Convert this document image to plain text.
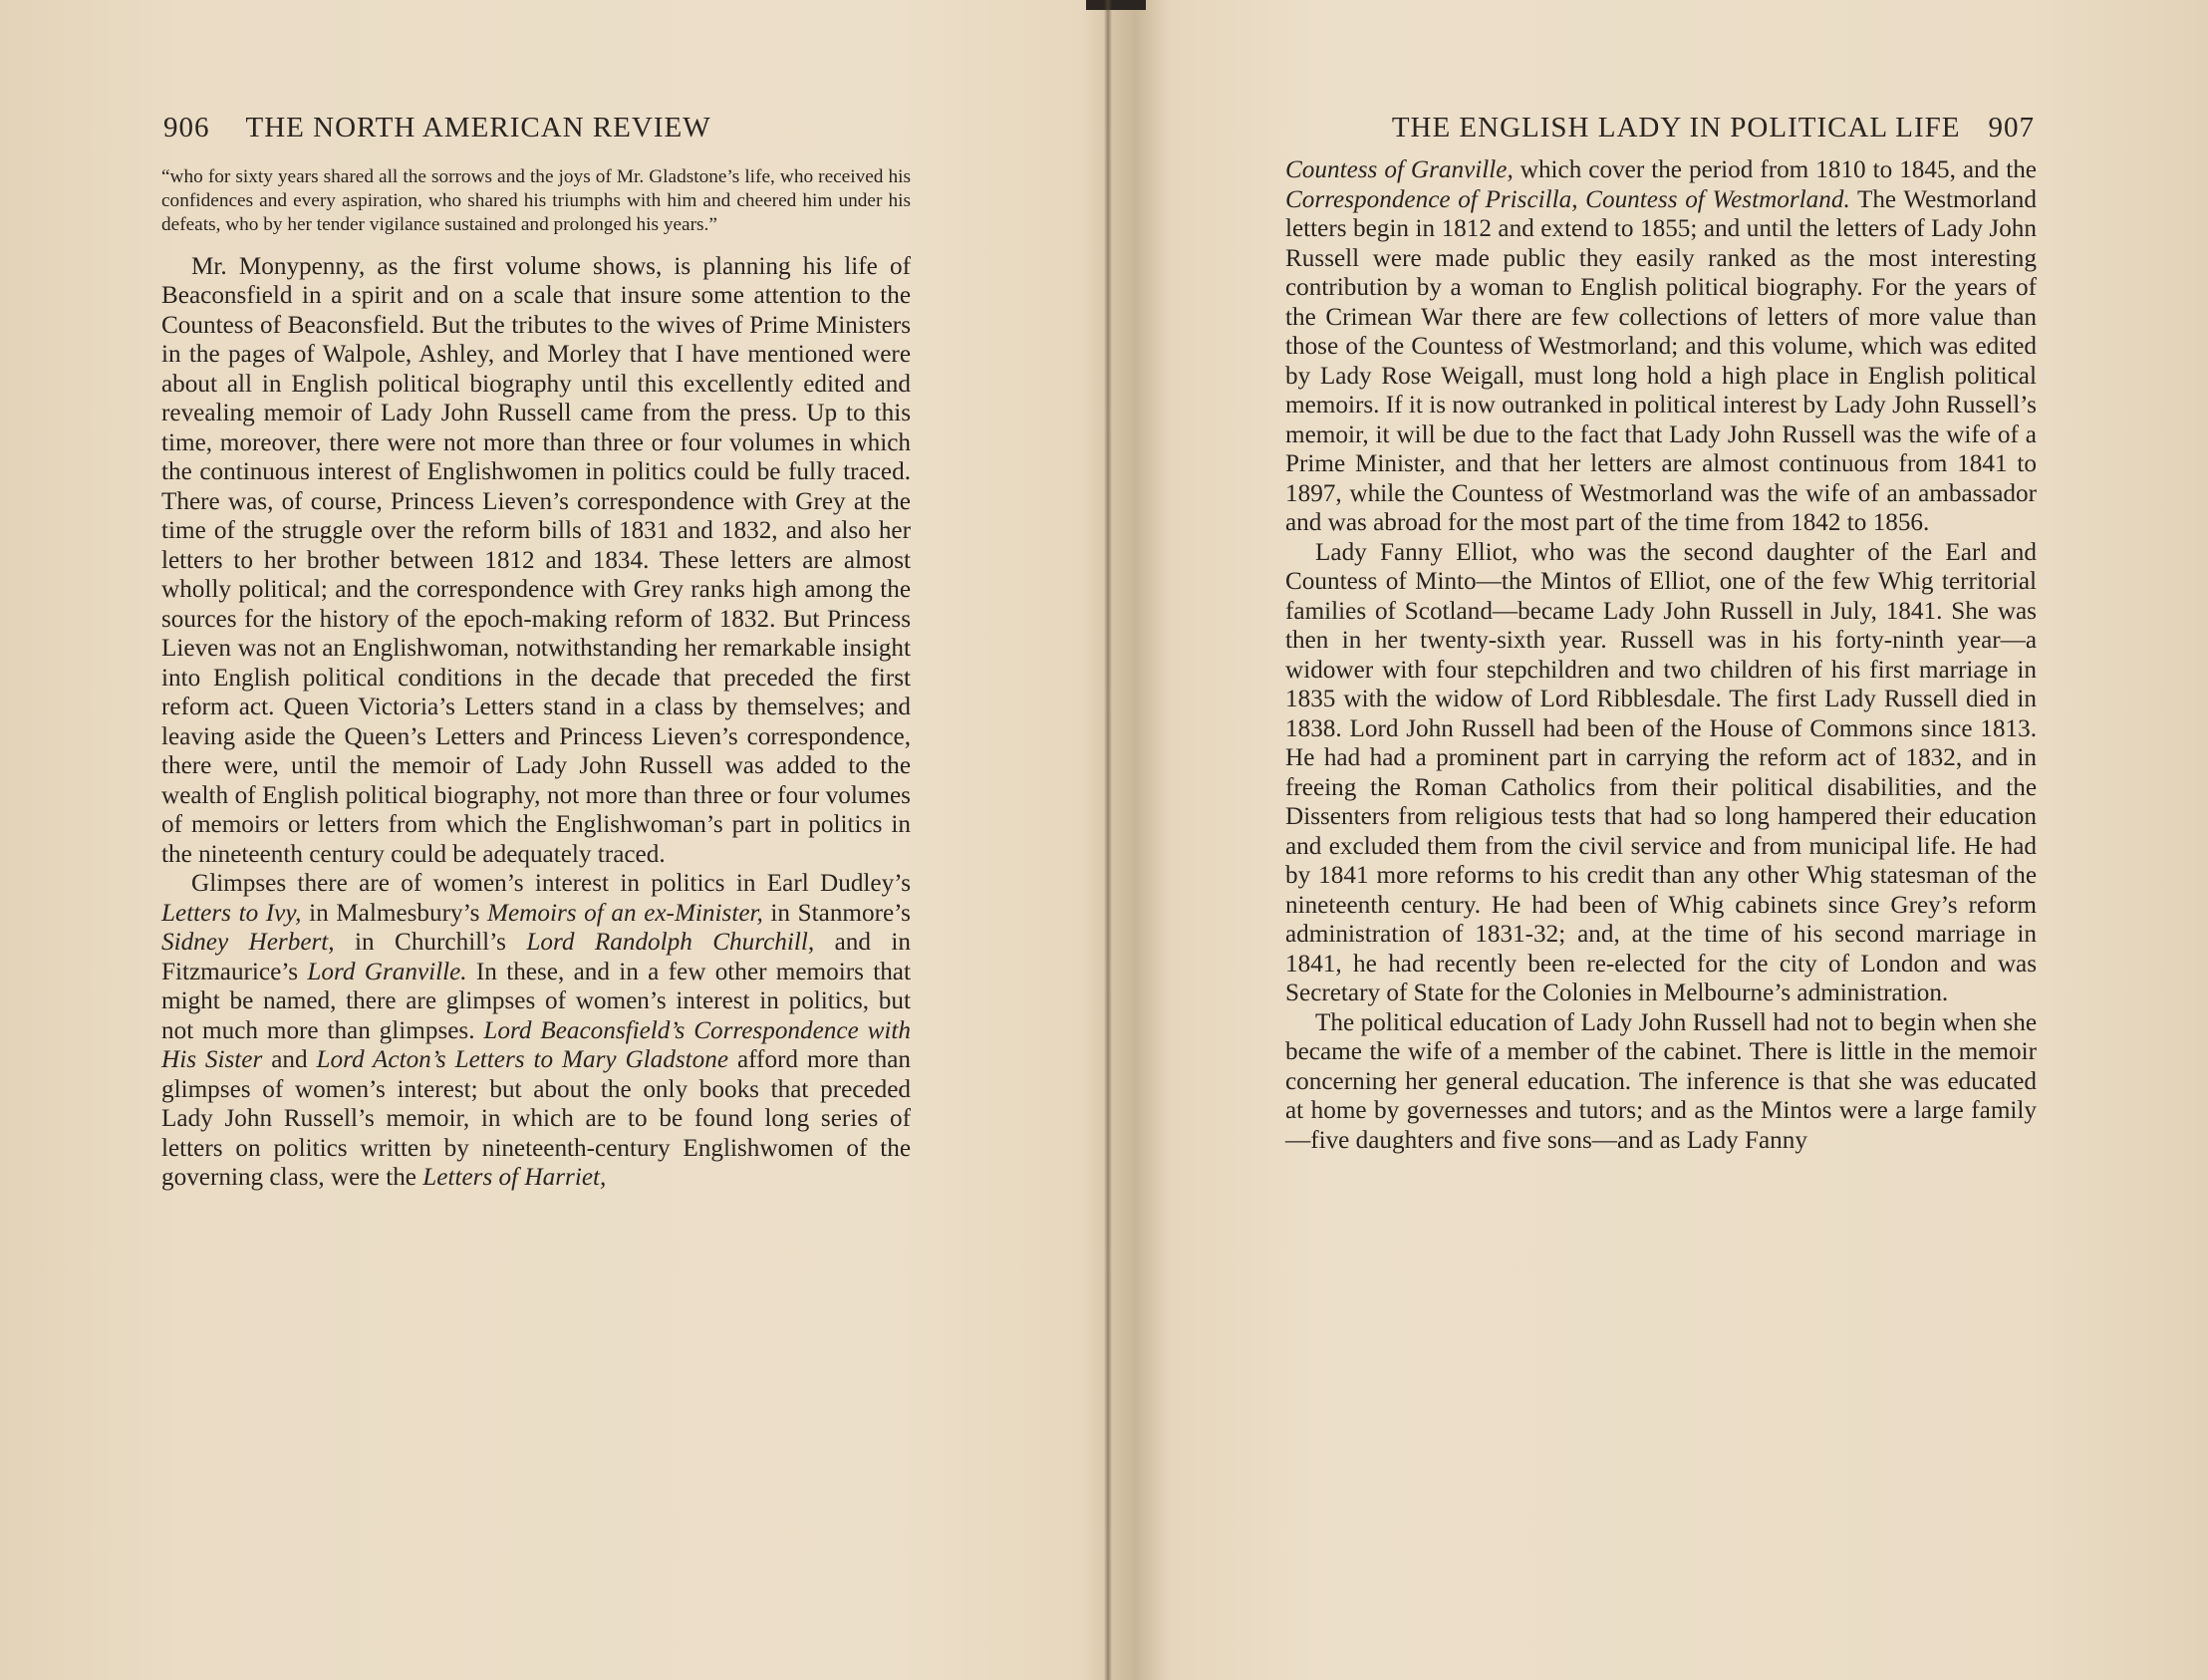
906 THE NORTH AMERICAN REVIEW

“who for sixty years shared all the sorrows and the joys of Mr. Gladstone’s life, who received his confidences and every aspiration, who shared his triumphs with him and cheered him under his defeats, who by her tender vigilance sustained and prolonged his years.”

Mr. Monypenny, as the first volume shows, is planning his life of Beaconsfield in a spirit and on a scale that insure some attention to the Countess of Beaconsfield. But the tributes to the wives of Prime Ministers in the pages of Walpole, Ashley, and Morley that I have mentioned were about all in English political biography until this excellently edited and revealing memoir of Lady John Russell came from the press. Up to this time, moreover, there were not more than three or four volumes in which the continuous interest of Englishwomen in politics could be fully traced. There was, of course, Princess Lieven’s correspondence with Grey at the time of the struggle over the reform bills of 1831 and 1832, and also her letters to her brother between 1812 and 1834. These letters are almost wholly political; and the correspondence with Grey ranks high among the sources for the history of the epoch-making reform of 1832. But Princess Lieven was not an Englishwoman, notwithstanding her remarkable insight into English political conditions in the decade that preceded the first reform act. Queen Victoria’s Letters stand in a class by themselves; and leaving aside the Queen’s Letters and Princess Lieven’s correspondence, there were, until the memoir of Lady John Russell was added to the wealth of English political biography, not more than three or four volumes of memoirs or letters from which the Englishwoman’s part in politics in the nineteenth century could be adequately traced.

Glimpses there are of women’s interest in politics in Earl Dudley’s Letters to Ivy, in Malmesbury’s Memoirs of an ex-Minister, in Stanmore’s Sidney Herbert, in Churchill’s Lord Randolph Churchill, and in Fitzmaurice’s Lord Granville. In these, and in a few other memoirs that might be named, there are glimpses of women’s interest in politics, but not much more than glimpses. Lord Beaconsfield’s Correspondence with His Sister and Lord Acton’s Letters to Mary Gladstone afford more than glimpses of women’s interest; but about the only books that preceded Lady John Russell’s memoir, in which are to be found long series of letters on politics written by nineteenth-century Englishwomen of the governing class, were the Letters of Harriet,

THE ENGLISH LADY IN POLITICAL LIFE 907

Countess of Granville, which cover the period from 1810 to 1845, and the Correspondence of Priscilla, Countess of Westmorland. The Westmorland letters begin in 1812 and extend to 1855; and until the letters of Lady John Russell were made public they easily ranked as the most interesting contribution by a woman to English political biography. For the years of the Crimean War there are few collections of letters of more value than those of the Countess of Westmorland; and this volume, which was edited by Lady Rose Weigall, must long hold a high place in English political memoirs. If it is now outranked in political interest by Lady John Russell’s memoir, it will be due to the fact that Lady John Russell was the wife of a Prime Minister, and that her letters are almost continuous from 1841 to 1897, while the Countess of Westmorland was the wife of an ambassador and was abroad for the most part of the time from 1842 to 1856.

Lady Fanny Elliot, who was the second daughter of the Earl and Countess of Minto—the Mintos of Elliot, one of the few Whig territorial families of Scotland—became Lady John Russell in July, 1841. She was then in her twenty-sixth year. Russell was in his forty-ninth year—a widower with four stepchildren and two children of his first marriage in 1835 with the widow of Lord Ribblesdale. The first Lady Russell died in 1838. Lord John Russell had been of the House of Commons since 1813. He had had a prominent part in carrying the reform act of 1832, and in freeing the Roman Catholics from their political disabilities, and the Dissenters from religious tests that had so long hampered their education and excluded them from the civil service and from municipal life. He had by 1841 more reforms to his credit than any other Whig statesman of the nineteenth century. He had been of Whig cabinets since Grey’s reform administration of 1831-32; and, at the time of his second marriage in 1841, he had recently been re-elected for the city of London and was Secretary of State for the Colonies in Melbourne’s administration.

The political education of Lady John Russell had not to begin when she became the wife of a member of the cabinet. There is little in the memoir concerning her general education. The inference is that she was educated at home by governesses and tutors; and as the Mintos were a large family—five daughters and five sons—and as Lady Fanny
